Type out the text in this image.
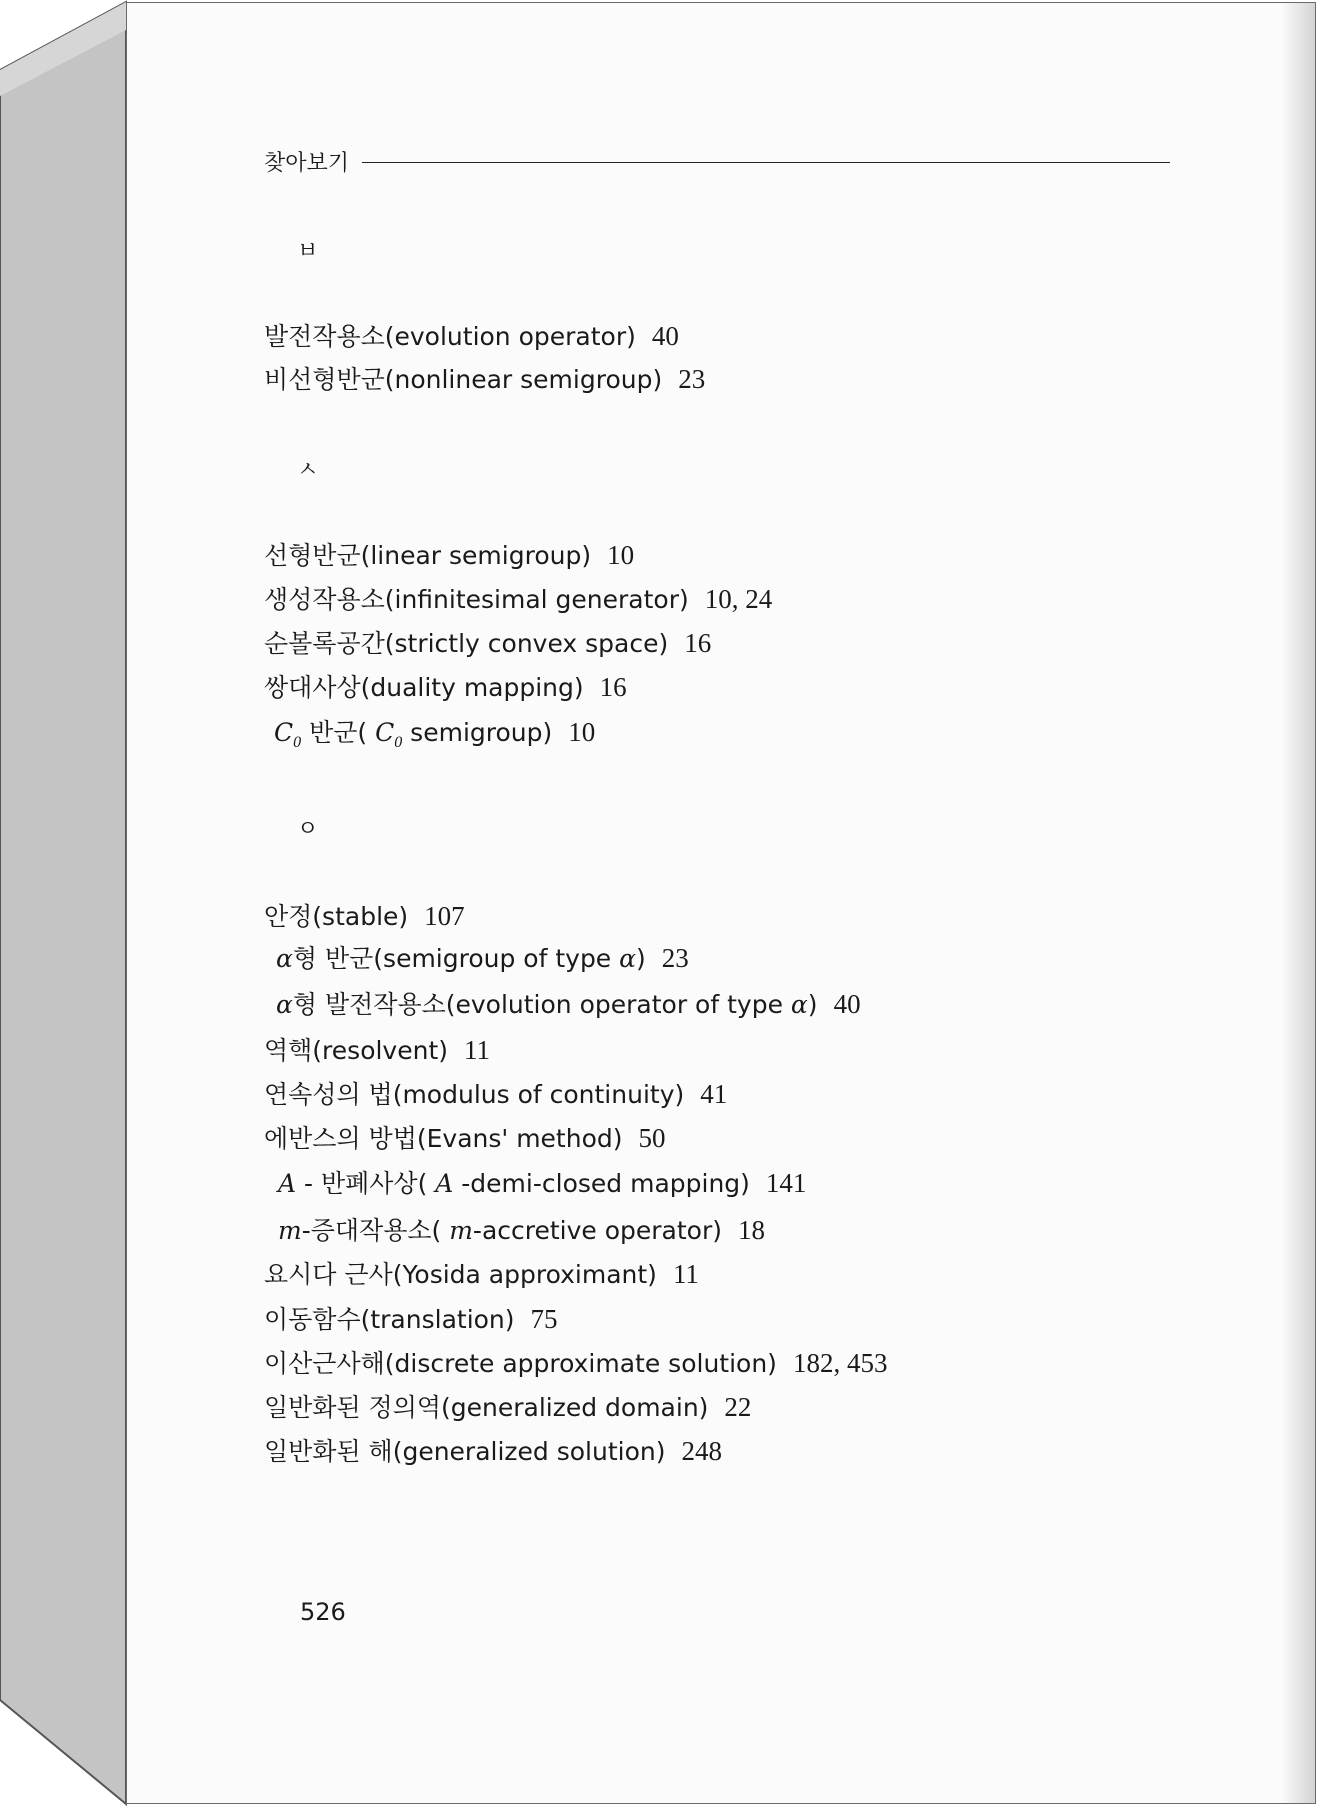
찾아보기
ㅂ
발전작용소(evolution operator) 40
비선형반군(nonlinear semigroup) 23
ㅅ
선형반군(linear semigroup) 10
생성작용소(infinitesimal generator) 10, 24
순볼록공간(strictly convex space) 16
쌍대사상(duality mapping) 16
$C_0$ 반군( $C_0$ semigroup) 10
ㅇ
안정(stable) 107
α형 반군(semigroup of type α) 23
α형 발전작용소(evolution operator of type α) 40
역핵(resolvent) 11
연속성의 법(modulus of continuity) 41
에반스의 방법(Evans' method) 50
A - 반폐사상( A -demi-closed mapping) 141
m-증대작용소( m-accretive operator) 18
요시다 근사(Yosida approximant) 11
이동함수(translation) 75
이산근사해(discrete approximate solution) 182, 453
일반화된 정의역(generalized domain) 22
일반화된 해(generalized solution) 248
526
